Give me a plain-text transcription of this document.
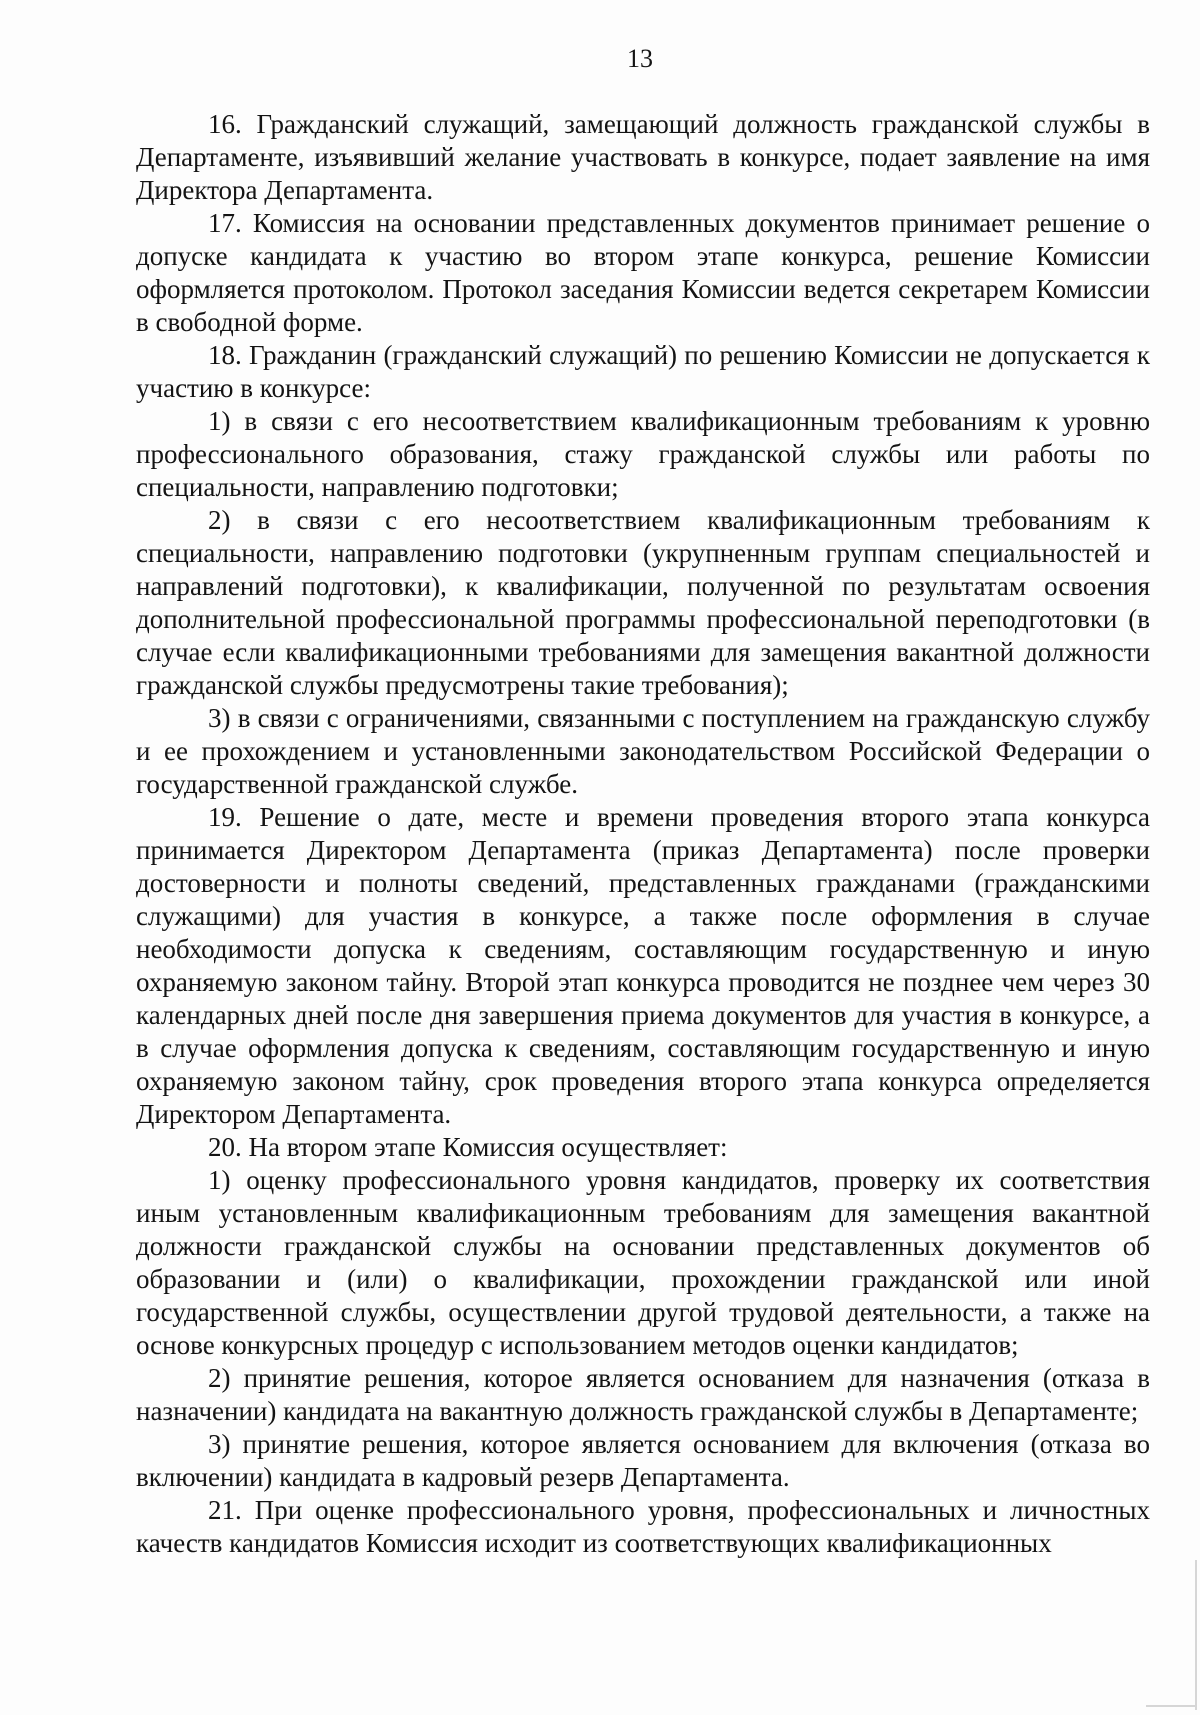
13

16. Гражданский служащий, замещающий должность гражданской службы в Департаменте, изъявивший желание участвовать в конкурсе, подает заявление на имя Директора Департамента.

17. Комиссия на основании представленных документов принимает решение о допуске кандидата к участию во втором этапе конкурса, решение Комиссии оформляется протоколом. Протокол заседания Комиссии ведется секретарем Комиссии в свободной форме.

18. Гражданин (гражданский служащий) по решению Комиссии не допускается к участию в конкурсе:

1) в связи с его несоответствием квалификационным требованиям к уровню профессионального образования, стажу гражданской службы или работы по специальности, направлению подготовки;

2) в связи с его несоответствием квалификационным требованиям к специальности, направлению подготовки (укрупненным группам специальностей и направлений подготовки), к квалификации, полученной по результатам освоения дополнительной профессиональной программы профессиональной переподготовки (в случае если квалификационными требованиями для замещения вакантной должности гражданской службы предусмотрены такие требования);

3) в связи с ограничениями, связанными с поступлением на гражданскую службу и ее прохождением и установленными законодательством Российской Федерации о государственной гражданской службе.

19. Решение о дате, месте и времени проведения второго этапа конкурса принимается Директором Департамента (приказ Департамента) после проверки достоверности и полноты сведений, представленных гражданами (гражданскими служащими) для участия в конкурсе, а также после оформления в случае необходимости допуска к сведениям, составляющим государственную и иную охраняемую законом тайну. Второй этап конкурса проводится не позднее чем через 30 календарных дней после дня завершения приема документов для участия в конкурсе, а в случае оформления допуска к сведениям, составляющим государственную и иную охраняемую законом тайну, срок проведения второго этапа конкурса определяется Директором Департамента.

20. На втором этапе Комиссия осуществляет:

1) оценку профессионального уровня кандидатов, проверку их соответствия иным установленным квалификационным требованиям для замещения вакантной должности гражданской службы на основании представленных документов об образовании и (или) о квалификации, прохождении гражданской или иной государственной службы, осуществлении другой трудовой деятельности, а также на основе конкурсных процедур с использованием методов оценки кандидатов;

2) принятие решения, которое является основанием для назначения (отказа в назначении) кандидата на вакантную должность гражданской службы в Департаменте;

3) принятие решения, которое является основанием для включения (отказа во включении) кандидата в кадровый резерв Департамента.

21. При оценке профессионального уровня, профессиональных и личностных качеств кандидатов Комиссия исходит из соответствующих квалификационных
